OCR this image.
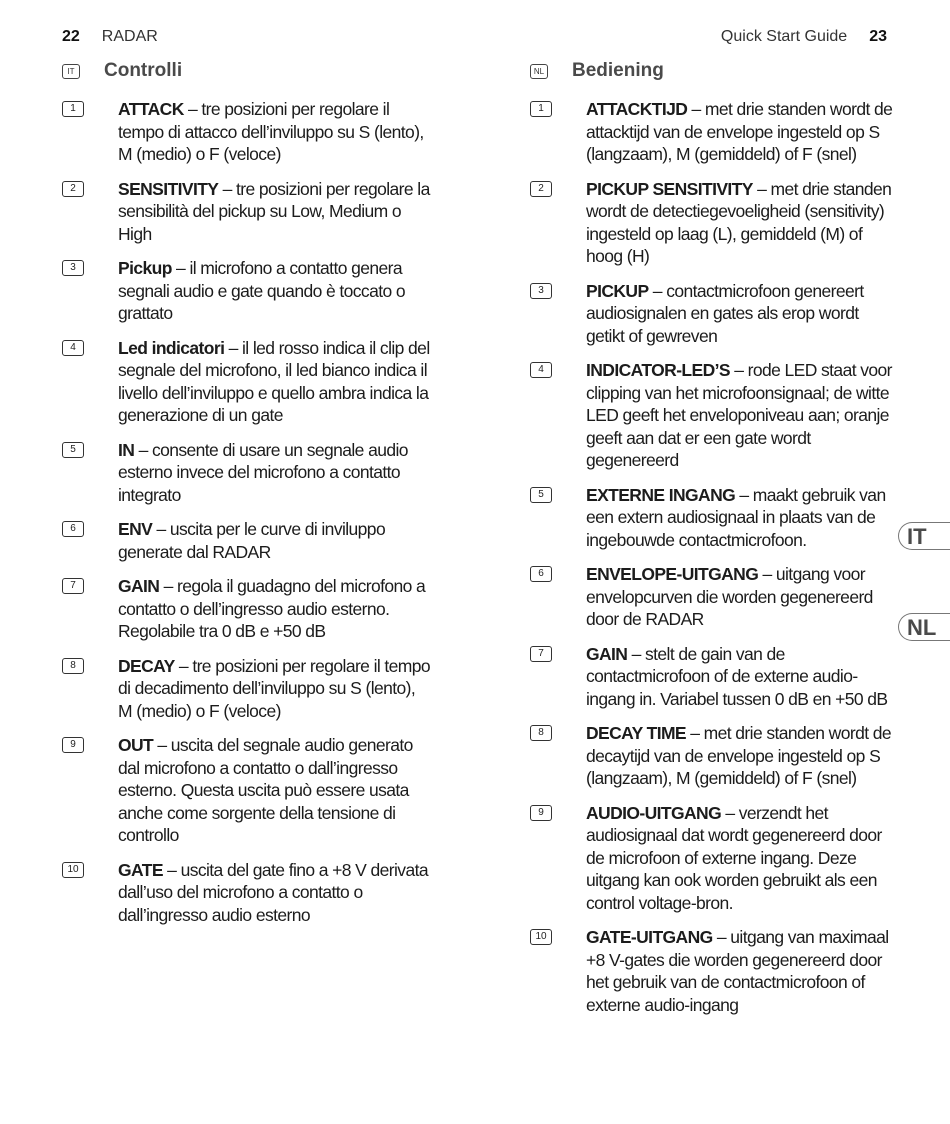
22 RADAR	Quick Start Guide 23
IT Controlli
1	ATTACK – tre posizioni per regolare il tempo di attacco dell’inviluppo su S (lento), M (medio) o F (veloce)
2	SENSITIVITY – tre posizioni per regolare la sensibilità del pickup su Low, Medium o High
3	Pickup – il microfono a contatto genera segnali audio e gate quando è toccato o grattato
4	Led indicatori – il led rosso indica il clip del segnale del microfono, il led bianco indica il livello dell’inviluppo e quello ambra indica la generazione di un gate
5	IN – consente di usare un segnale audio esterno invece del microfono a contatto integrato
6	ENV – uscita per le curve di inviluppo generate dal RADAR
7	GAIN – regola il guadagno del microfono a contatto o dell’ingresso audio esterno. Regolabile tra 0 dB e +50 dB
8	DECAY – tre posizioni per regolare il tempo di decadimento dell’inviluppo su S (lento), M (medio) o F (veloce)
9	OUT – uscita del segnale audio generato dal microfono a contatto o dall’ingresso esterno. Questa uscita può essere usata anche come sorgente della tensione di controllo
10	GATE – uscita del gate fino a +8 V derivata dall’uso del microfono a contatto o dall’ingresso audio esterno
NL Bediening
1	ATTACKTIJD – met drie standen wordt de attacktijd van de envelope ingesteld op S (langzaam), M (gemiddeld) of F (snel)
2	PICKUP SENSITIVITY – met drie standen wordt de detectiegevoeligheid (sensitivity) ingesteld op laag (L), gemiddeld (M) of hoog (H)
3	PICKUP – contactmicrofoon genereert audiosignalen en gates als erop wordt getikt of gewreven
4	INDICATOR-LED’S – rode LED staat voor clipping van het microfoonsignaal; de witte LED geeft het enveloponiveau aan; oranje geeft aan dat er een gate wordt gegenereerd
5	EXTERNE INGANG – maakt gebruik van een extern audiosignaal in plaats van de ingebouwde contactmicrofoon.
6	ENVELOPE-UITGANG – uitgang voor envelopcurven die worden gegenereerd door de RADAR
7	GAIN – stelt de gain van de contactmicrofoon of de externe audio-ingang in. Variabel tussen 0 dB en +50 dB
8	DECAY TIME – met drie standen wordt de decaytijd van de envelope ingesteld op S (langzaam), M (gemiddeld) of F (snel)
9	AUDIO-UITGANG – verzendt het audiosignaal dat wordt gegenereerd door de microfoon of externe ingang. Deze uitgang kan ook worden gebruikt als een control voltage-bron.
10	GATE-UITGANG – uitgang van maximaal +8 V-gates die worden gegenereerd door het gebruik van de contactmicrofoon of externe audio-ingang
IT
NL
